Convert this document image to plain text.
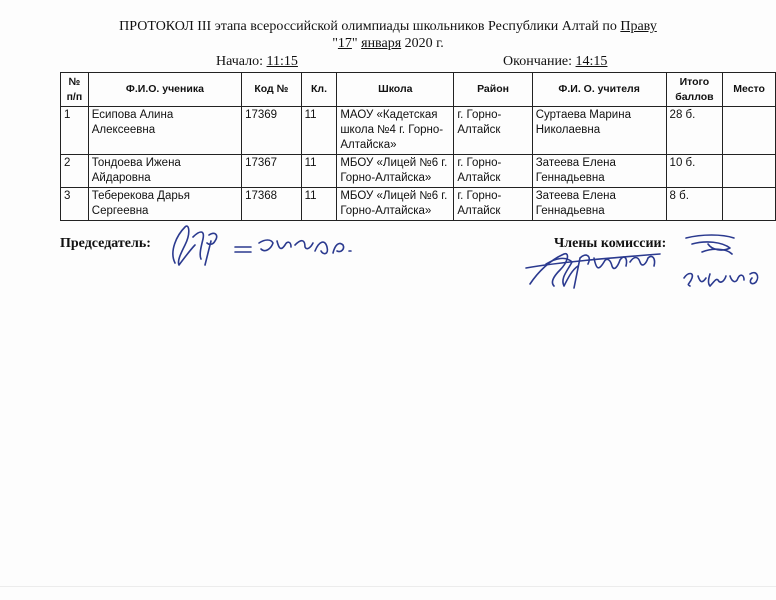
ПРОТОКОЛ III этапа всероссийской олимпиады школьников Республики Алтай по Праву
"17" января 2020 г.
Начало: 11:15	Окончание: 14:15
№ п/п	Ф.И.О. ученика	Код №	Кл.	Школа	Район	Ф.И. О. учителя	Итого баллов	Место
1	Есипова Алина Алексеевна	17369	11	МАОУ «Кадетская школа №4 г. Горно-Алтайска»	г. Горно-Алтайск	Суртаева Марина Николаевна	28 б.	
2	Тондоева Ижена Айдаровна	17367	11	МБОУ «Лицей №6 г. Горно-Алтайска»	г. Горно-Алтайск	Затеева Елена Геннадьевна	10 б.	
3	Теберекова Дарья Сергеевна	17368	11	МБОУ «Лицей №6 г. Горно-Алтайска»	г. Горно-Алтайск	Затеева Елена Геннадьевна	8 б.	
Председатель:	Члены комиссии:
